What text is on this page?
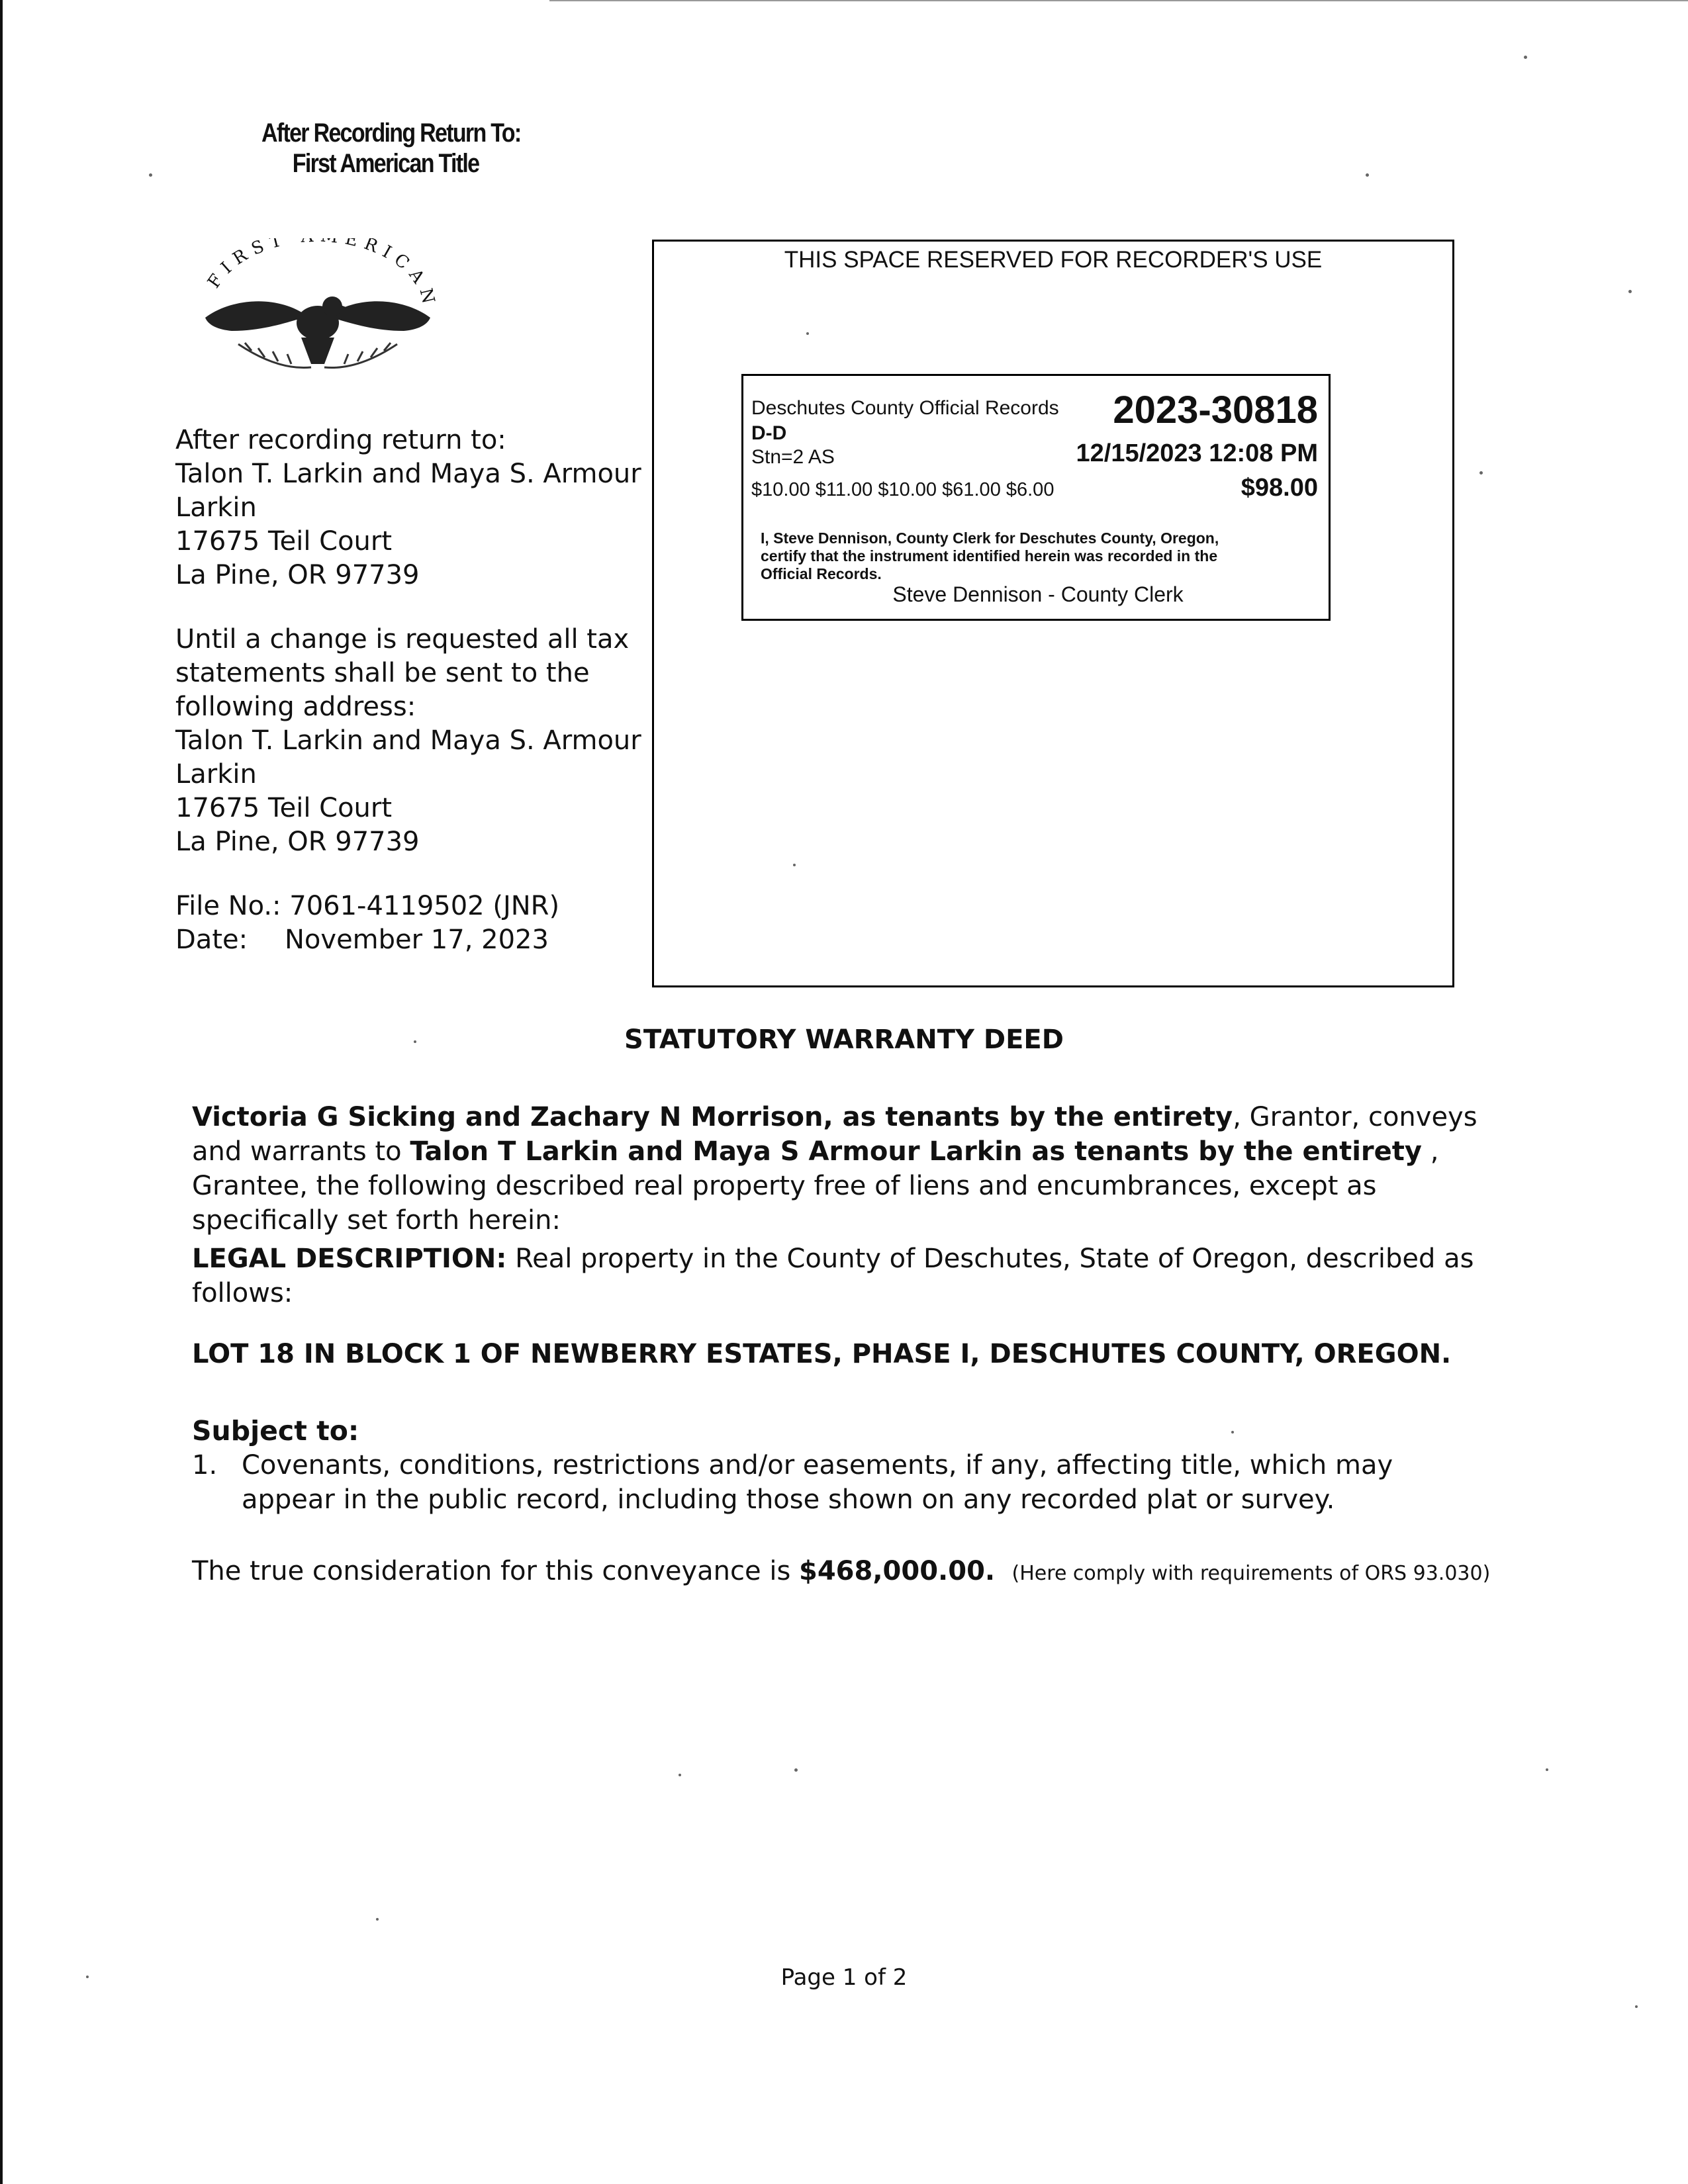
After Recording Return To:
First American Title
FIRST ERICAN
After recording return to:
Talon T. Larkin and Maya S. Armour
Larkin
17675 Teil Court
La Pine, OR 97739
Until a change is requested all tax
statements shall be sent to the
following address:
Talon T. Larkin and Maya S. Armour
Larkin
17675 Teil Court
La Pine, OR 97739
File No.: 7061-4119502 (JNR)
Date: November 17, 2023
THIS SPACE RESERVED FOR RECORDER'S USE
Deschutes County Official Records	2023-30818
D-D
Stn=2 AS	12/15/2023 12:08 PM
$10.00 $11.00 $10.00 $61.00 $6.00	$98.00
I, Steve Dennison, County Clerk for Deschutes County, Oregon,
certify that the instrument identified herein was recorded in the
Official Records.
Steve Dennison - County Clerk
STATUTORY WARRANTY DEED
Victoria G Sicking and Zachary N Morrison, as tenants by the entirety, Grantor, conveys and warrants to Talon T Larkin and Maya S Armour Larkin as tenants by the entirety , Grantee, the following described real property free of liens and encumbrances, except as specifically set forth herein:
LEGAL DESCRIPTION: Real property in the County of Deschutes, State of Oregon, described as follows:
LOT 18 IN BLOCK 1 OF NEWBERRY ESTATES, PHASE I, DESCHUTES COUNTY, OREGON.
Subject to:
1. Covenants, conditions, restrictions and/or easements, if any, affecting title, which may appear in the public record, including those shown on any recorded plat or survey.
The true consideration for this conveyance is $468,000.00. (Here comply with requirements of ORS 93.030)
Page 1 of 2
